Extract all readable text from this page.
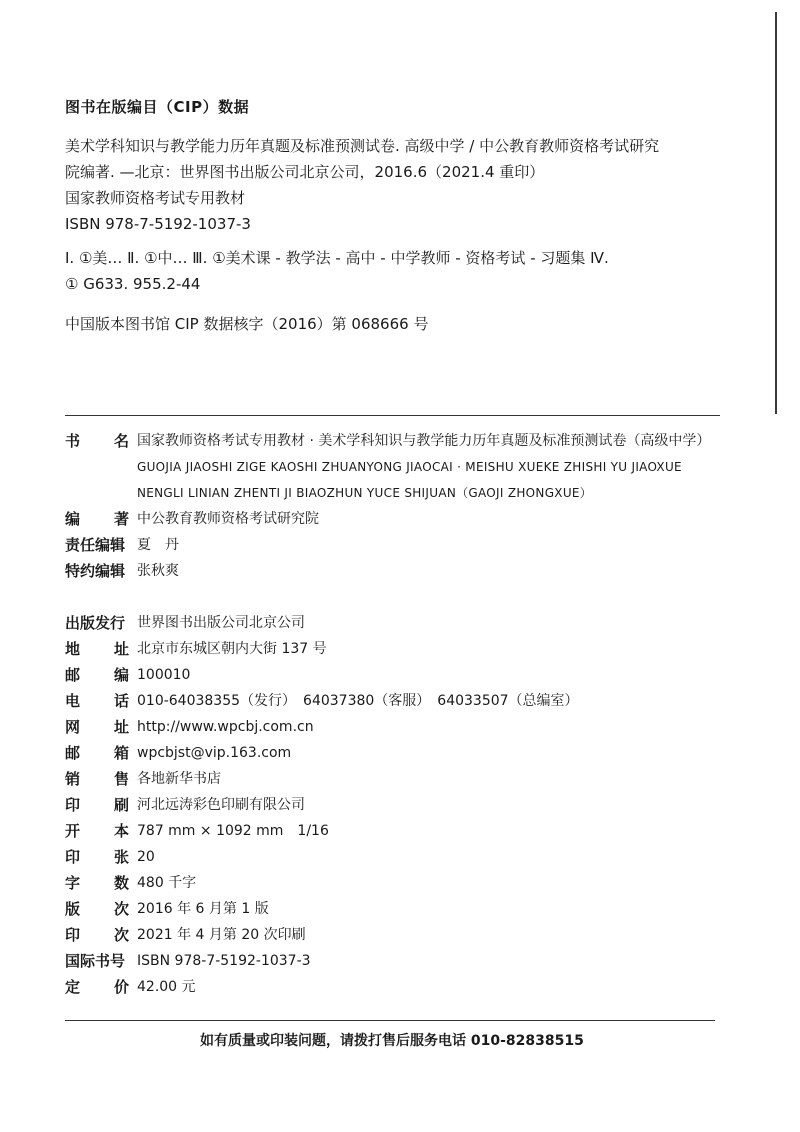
图书在版编目（CIP）数据
美术学科知识与教学能力历年真题及标准预测试卷. 高级中学 / 中公教育教师资格考试研究
院编著. —北京：世界图书出版公司北京公司，2016.6（2021.4 重印）
国家教师资格考试专用教材
ISBN 978-7-5192-1037-3
Ⅰ. ①美… Ⅱ. ①中… Ⅲ. ①美术课 - 教学法 - 高中 - 中学教师 - 资格考试 - 习题集 Ⅳ.
① G633. 955.2-44
中国版本图书馆 CIP 数据核字（2016）第 068666 号
书 名 国家教师资格考试专用教材 · 美术学科知识与教学能力历年真题及标准预测试卷（高级中学）
GUOJIA JIAOSHI ZIGE KAOSHI ZHUANYONG JIAOCAI · MEISHU XUEKE ZHISHI YU JIAOXUE
NENGLI LINIAN ZHENTI JI BIAOZHUN YUCE SHIJUAN（GAOJI ZHONGXUE）
编 著 中公教育教师资格考试研究院
责任编辑 夏　丹
特约编辑 张秋爽
出版发行 世界图书出版公司北京公司
地 址 北京市东城区朝内大街 137 号
邮 编 100010
电 话 010-64038355（发行）　64037380（客服）　64033507（总编室）
网 址 http://www.wpcbj.com.cn
邮 箱 wpcbjst@vip.163.com
销 售 各地新华书店
印 刷 河北远涛彩色印刷有限公司
开 本 787 mm × 1092 mm　1/16
印 张 20
字 数 480 千字
版 次 2016 年 6 月第 1 版
印 次 2021 年 4 月第 20 次印刷
国际书号 ISBN 978-7-5192-1037-3
定 价 42.00 元
如有质量或印装问题，请拨打售后服务电话 010-82838515
